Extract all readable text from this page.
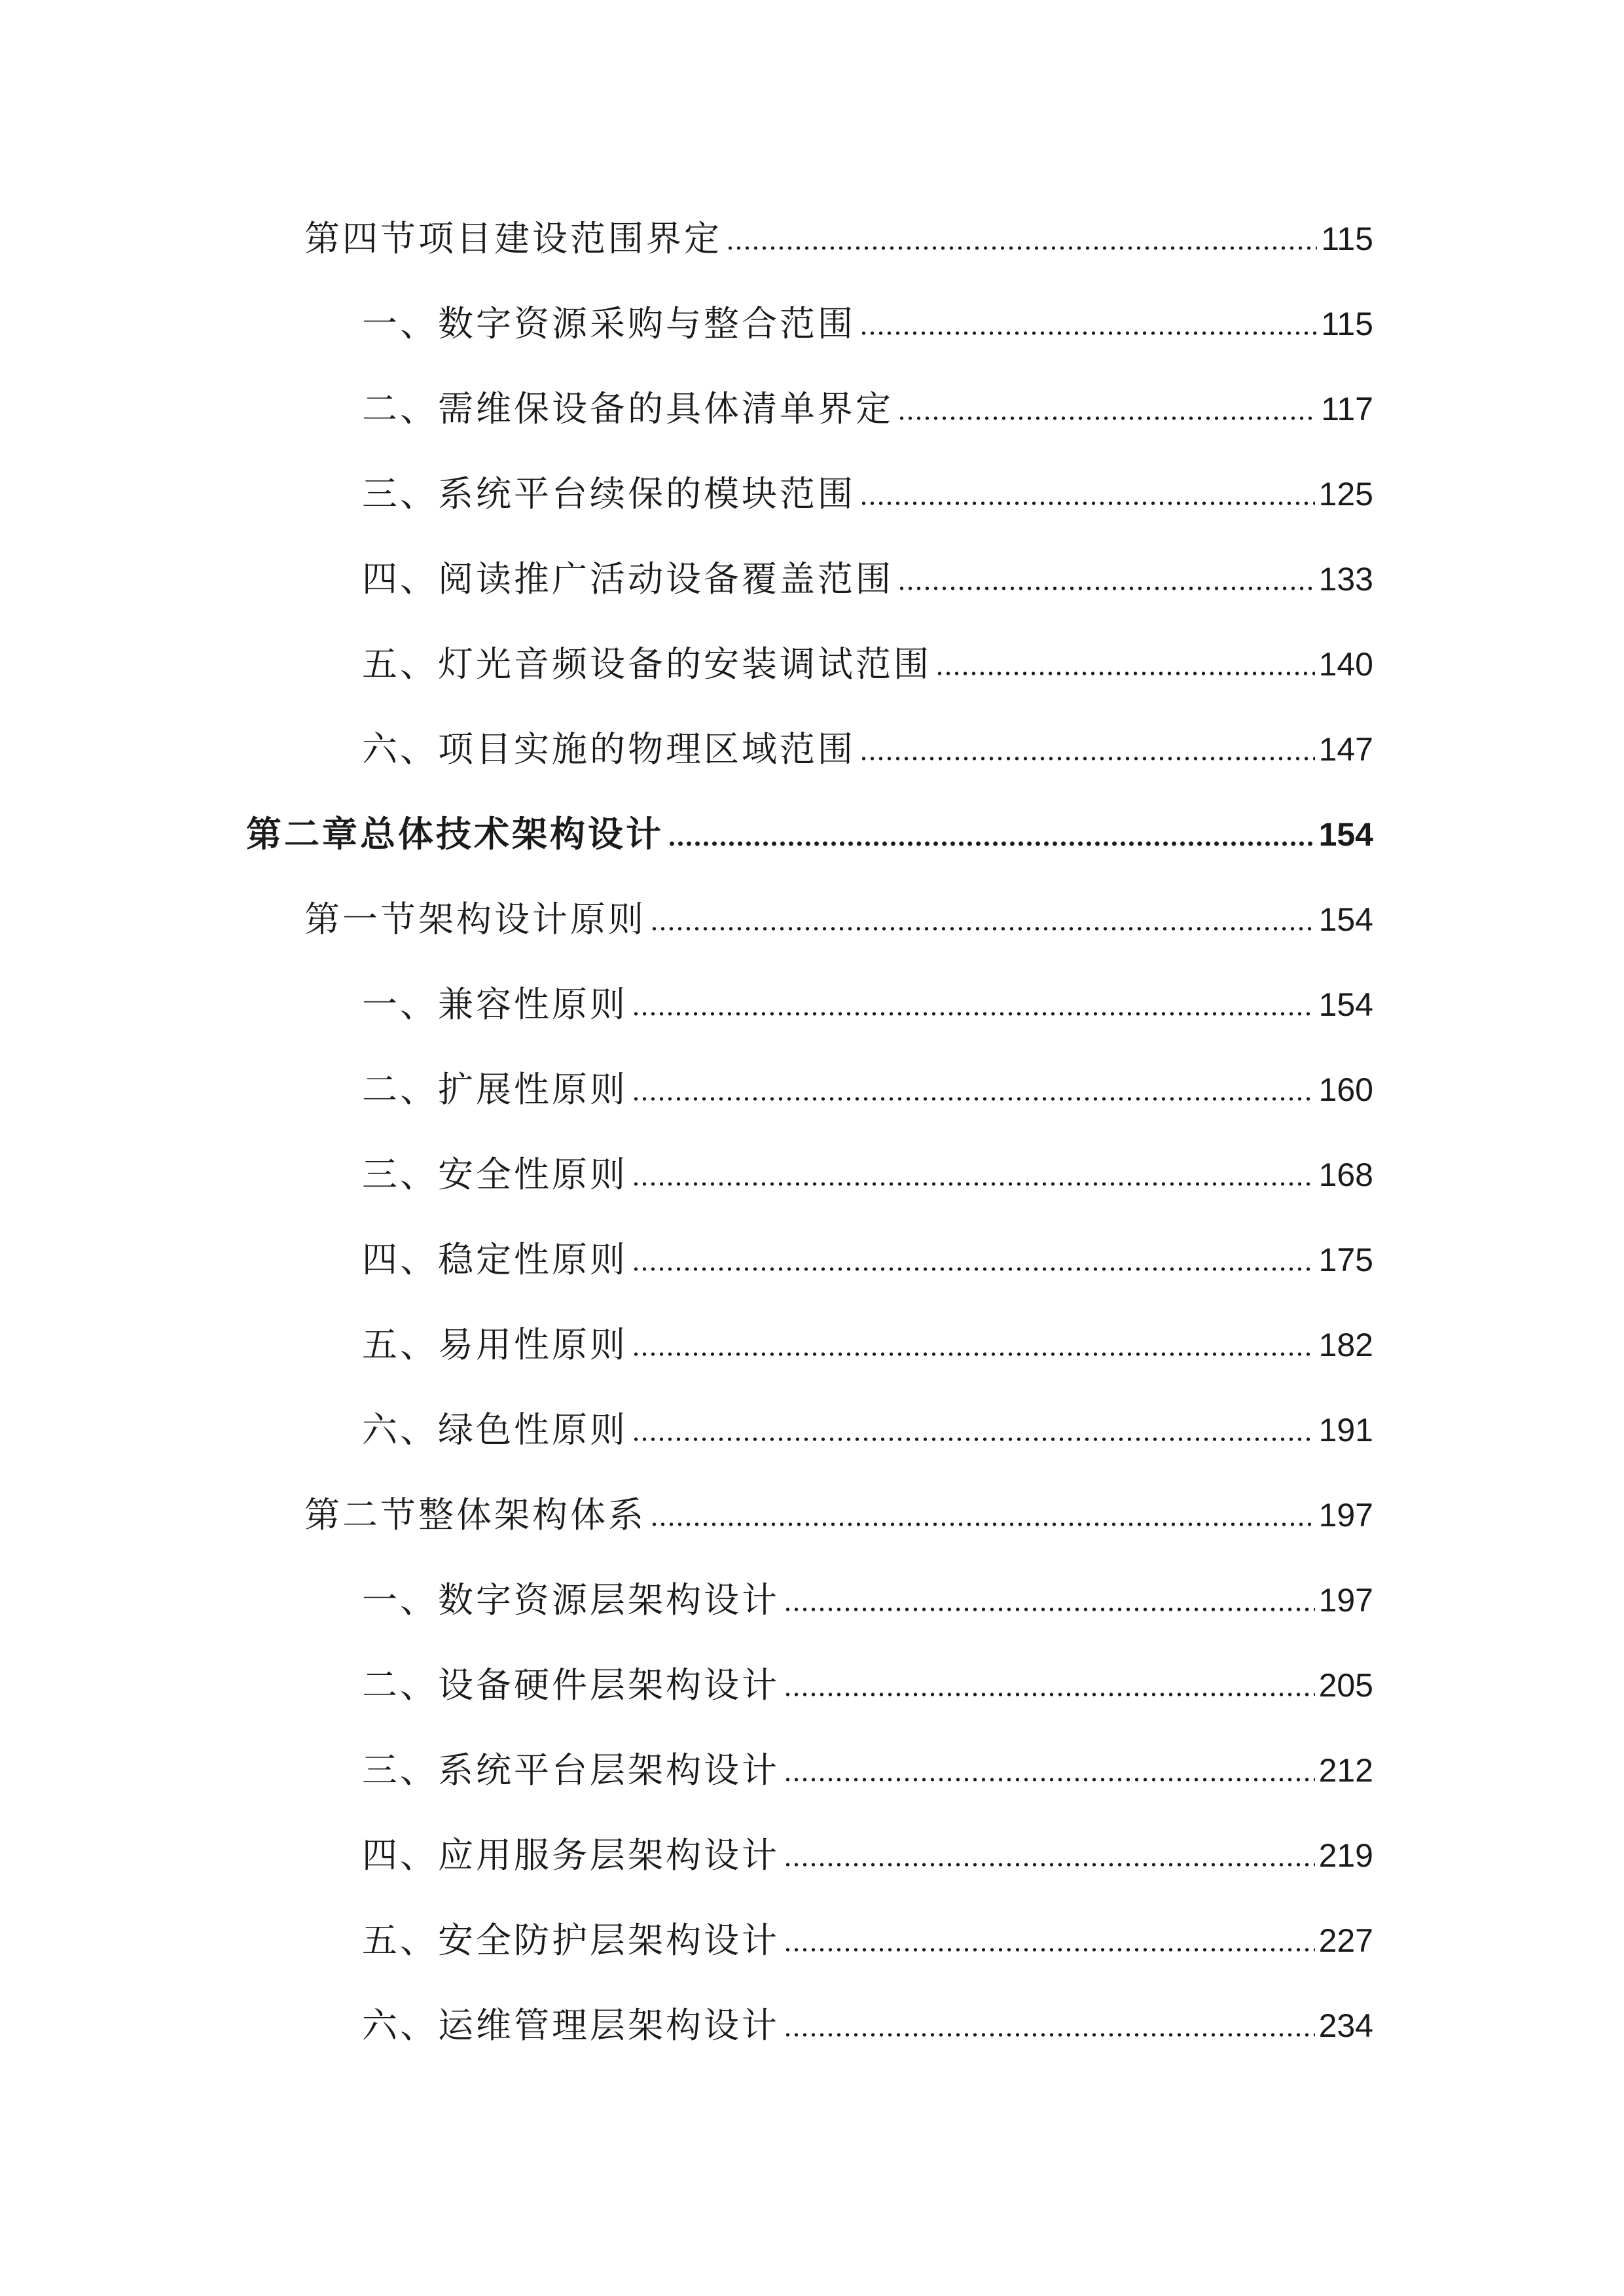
第四节项目建设范围界定	115
一、数字资源采购与整合范围	115
二、需维保设备的具体清单界定	117
三、系统平台续保的模块范围	125
四、阅读推广活动设备覆盖范围	133
五、灯光音频设备的安装调试范围	140
六、项目实施的物理区域范围	147
第二章总体技术架构设计	154
第一节架构设计原则	154
一、兼容性原则	154
二、扩展性原则	160
三、安全性原则	168
四、稳定性原则	175
五、易用性原则	182
六、绿色性原则	191
第二节整体架构体系	197
一、数字资源层架构设计	197
二、设备硬件层架构设计	205
三、系统平台层架构设计	212
四、应用服务层架构设计	219
五、安全防护层架构设计	227
六、运维管理层架构设计	234
